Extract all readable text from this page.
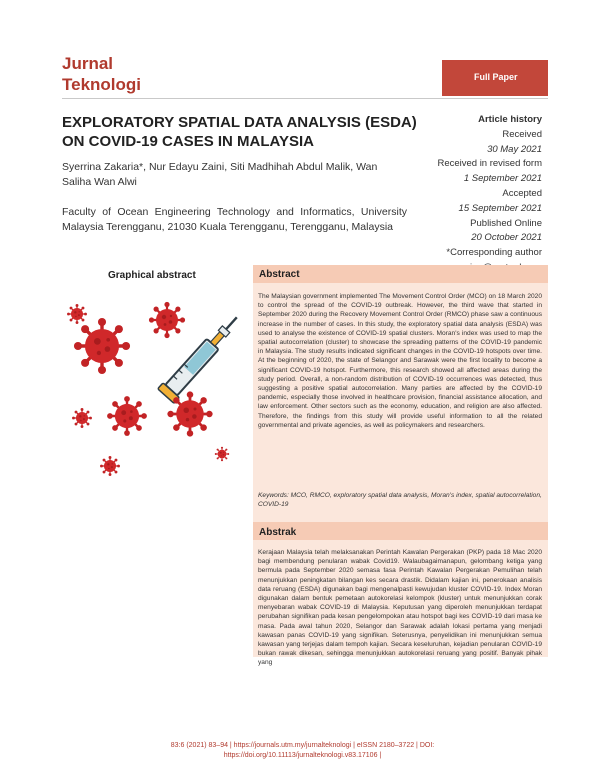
Jurnal
Teknologi	Full Paper
EXPLORATORY SPATIAL DATA ANALYSIS (ESDA)
ON COVID-19 CASES IN MALAYSIA
Syerrina Zakaria*, Nur Edayu Zaini, Siti Madhihah Abdul Malik, Wan Saliha Wan Alwi
Faculty of Ocean Engineering Technology and Informatics, University Malaysia Terengganu, 21030 Kuala Terengganu, Terengganu, Malaysia
Article history
Received
30 May 2021
Received in revised form
1 September 2021
Accepted
15 September 2021
Published Online
20 October 2021
*Corresponding author
Graphical abstract	Abstract
The Malaysian government implemented The Movement Control Order (MCO) on 18 March 2020 to control the spread of the COVID-19 outbreak. However, the third wave that started in September 2020 during the Recovery Movement Control Order (RMCO) phase saw a continuous increase in the number of cases. In this study, the exploratory spatial data analysis (ESDA) was used to analyse the existence of COVID-19 spatial clusters. Moran's index was used to map the spatial autocorrelation (cluster) to showcase the spreading patterns of the COVID-19 pandemic in Malaysia. The study results indicated significant changes in the COVID-19 hotspots over time. At the beginning of 2020, the state of Selangor and Sarawak were the first locality to become a significant COVID-19 hotspot. Furthermore, this research showed all affected areas during the study period. Overall, a non-random distribution of COVID-19 occurrences was detected, thus suggesting a positive spatial autocorrelation. Many parties are affected by the COVID-19 pandemic, especially those involved in healthcare provision, financial assistance allocation, and law enforcement. Other sectors such as the economy, education, and religion are also affected. Therefore, the findings from this study will provide useful information to all the related governmental and private agencies, as well as policymakers and researchers.
Keywords: MCO, RMCO, exploratory spatial data analysis, Moran's index, spatial autocorrelation, COVID-19
Abstrak
Kerajaan Malaysia telah melaksanakan Perintah Kawalan Pergerakan (PKP) pada 18 Mac 2020 bagi membendung penularan wabak Covid19. Walaubagaimanapun, gelombang ketiga yang bermula pada September 2020 semasa fasa Perintah Kawalan Pergerakan Pemulihan telah menunjukkan peningkatan bilangan kes secara drastik. Didalam kajian ini, penerokaan analisis data reruang (ESDA) digunakan bagi mengenalpasti kewujudan kluster COVID-19. Index Moran digunakan dalam bentuk pemetaan autokorelasi kelompok (kluster) untuk menunjukkan corak menyebaran wabak COVID-19 di Malaysia. Keputusan yang diperoleh menunjukkan terdapat perubahan signifikan pada kesan pengelompokan atau hotspot bagi kes COVID-19 dari masa ke masa. Pada awal tahun 2020, Selangor dan Sarawak adalah lokasi pertama yang menjadi kawasan panas COVID-19 yang signifikan. Seterusnya, penyelidikan ini menunjukkan semua kawasan yang terjejas dalam tempoh kajian. Secara keseluruhan, kejadian penularan COVID-19 bukan rawak dikesan, sehingga menunjukkan autokorelasi reruang yang positif. Banyak pihak yang
83:6 (2021) 83–94 | https://journals.utm.my/jurnalteknologi | eISSN 2180–3722 | DOI:
https://doi.org/10.11113/jurnalteknologi.v83.17106 |
